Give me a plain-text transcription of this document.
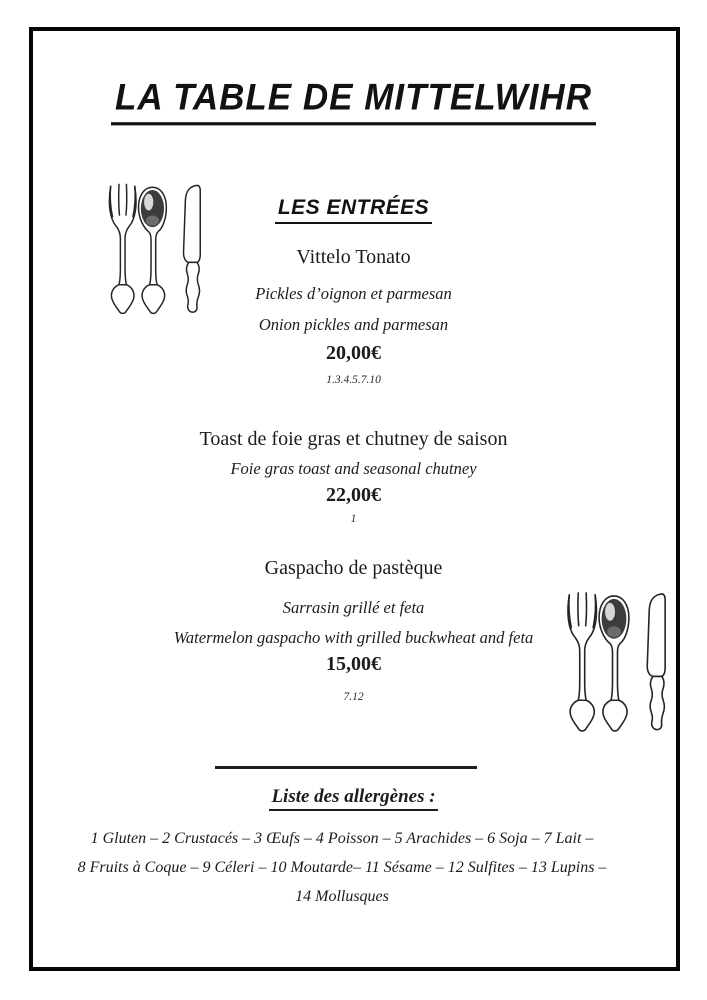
LA TABLE DE MITTELWIHR
LES ENTRÉES
Vittelo Tonato
Pickles d’oignon et parmesan
Onion pickles and parmesan
20,00€
1.3.4.5.7.10
Toast de foie gras et chutney de saison
Foie gras toast and seasonal chutney
22,00€
1
Gaspacho de pastèque
Sarrasin grillé et feta
Watermelon gaspacho with grilled buckwheat and feta
15,00€
7.12
Liste des allergènes :
1 Gluten – 2 Crustacés – 3 Œufs – 4 Poisson – 5 Arachides – 6 Soja – 7 Lait –
8 Fruits à Coque – 9 Céleri – 10 Moutarde– 11 Sésame – 12 Sulfites – 13 Lupins –
14 Mollusques
